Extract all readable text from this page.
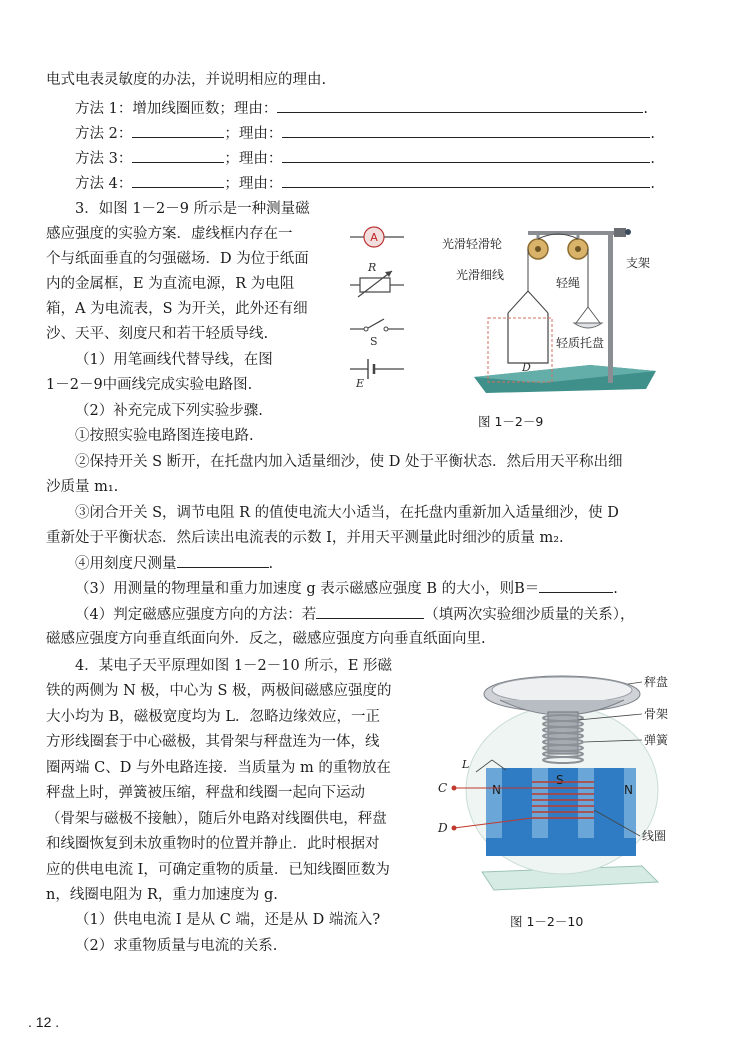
电式电表灵敏度的办法，并说明相应的理由.
方法 1：增加线圈匝数；理由：	.
方法 2：	；理由：	.
方法 3：	；理由：	.
方法 4：	；理由：	.
3．如图 1－2－9 所示是一种测量磁
感应强度的实验方案．虚线框内存在一
个与纸面垂直的匀强磁场．D 为位于纸面
内的金属框，E 为直流电源，R 为电阻
箱，A 为电流表，S 为开关，此外还有细
沙、天平、刻度尺和若干轻质导线.
（1）用笔画线代替导线，在图
1－2－9中画线完成实验电路图.
（2）补充完成下列实验步骤.
①按照实验电路图连接电路.
②保持开关 S 断开，在托盘内加入适量细沙，使 D 处于平衡状态．然后用天平称出细
沙质量 m₁.
③闭合开关 S，调节电阻 R 的值使电流大小适当，在托盘内重新加入适量细沙，使 D
重新处于平衡状态．然后读出电流表的示数 I，并用天平测量此时细沙的质量 m₂.
④用刻度尺测量	.
（3）用测量的物理量和重力加速度 g 表示磁感应强度 B 的大小，则B＝	.
（4）判定磁感应强度方向的方法：若	（填两次实验细沙质量的关系），
磁感应强度方向垂直纸面向外．反之，磁感应强度方向垂直纸面向里.
A
R
S
E
D
光滑轻滑轮
光滑细线
支架
轻绳
轻质托盘
图 1－2－9
4．某电子天平原理如图 1－2－10 所示，E 形磁
铁的两侧为 N 极，中心为 S 极，两极间磁感应强度的
大小均为 B，磁极宽度均为 L．忽略边缘效应，一正
方形线圈套于中心磁极，其骨架与秤盘连为一体，线
圈两端 C、D 与外电路连接．当质量为 m 的重物放在
秤盘上时，弹簧被压缩，秤盘和线圈一起向下运动
（骨架与磁极不接触），随后外电路对线圈供电，秤盘
和线圈恢复到未放重物时的位置并静止．此时根据对
应的供电电流 I，可确定重物的质量．已知线圈匝数为
n，线圈电阻为 R，重力加速度为 g.
（1）供电电流 I 是从 C 端，还是从 D 端流入?
（2）求重物质量与电流的关系.
N
S
N
C
D
L
秤盘
骨架
弹簧
线圈
图 1－2－10
. 12 .
